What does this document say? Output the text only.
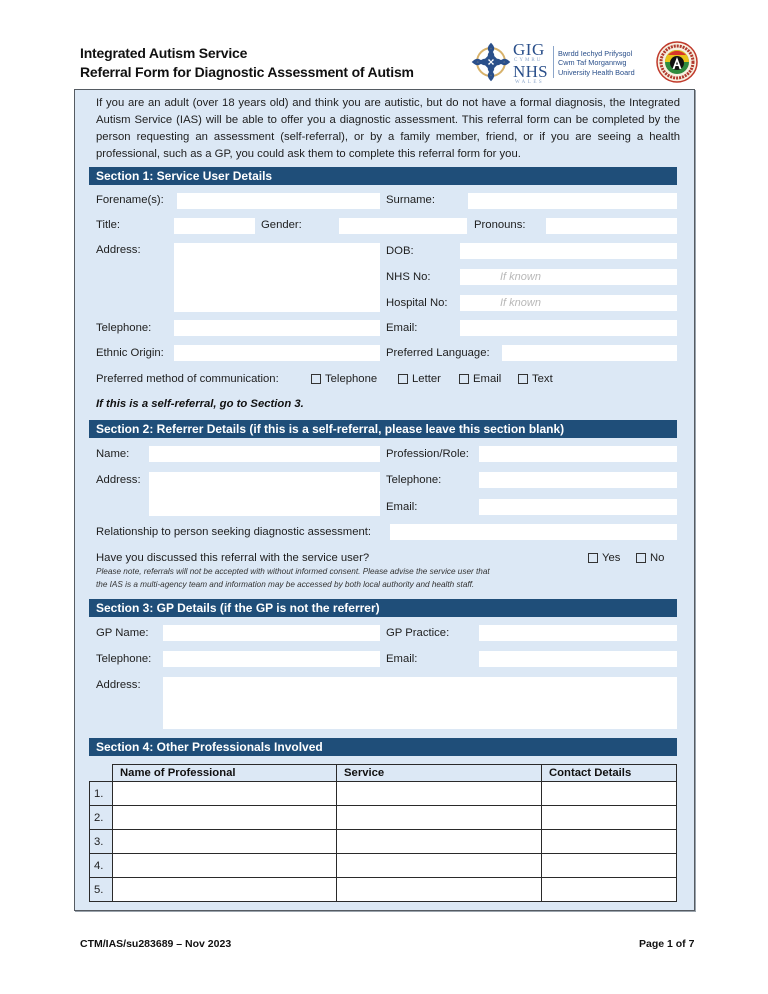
Integrated Autism Service
Referral Form for Diagnostic Assessment of Autism
GIG
CYMRU
NHS
WALES
Bwrdd Iechyd Prifysgol
Cwm Taf Morgannwg
University Health Board

If you are an adult (over 18 years old) and think you are autistic, but do not have a formal diagnosis, the Integrated Autism Service (IAS) will be able to offer you a diagnostic assessment. This referral form can be completed by the person requesting an assessment (self-referral), or by a family member, friend, or if you are seeing a health professional, such as a GP, you could ask them to complete this referral form for you.

Section 1: Service User Details
Forename(s):	Surname:
Title:	Gender:	Pronouns:
Address:	DOB:
NHS No:	If known
Hospital No:	If known
Telephone:	Email:
Ethnic Origin:	Preferred Language:
Preferred method of communication:	Telephone	Letter	Email	Text
If this is a self-referral, go to Section 3.
Section 2: Referrer Details (if this is a self-referral, please leave this section blank)
Name:	Profession/Role:
Address:	Telephone:
Email:
Relationship to person seeking diagnostic assessment:
Have you discussed this referral with the service user?	Yes	No
Please note, referrals will not be accepted with without informed consent. Please advise the service user that
the IAS is a multi-agency team and information may be accessed by both local authority and health staff.
Section 3: GP Details (if the GP is not the referrer)
GP Name:	GP Practice:
Telephone:	Email:
Address:
Section 4: Other Professionals Involved
	Name of Professional	Service	Contact Details
1.			
2.			
3.			
4.			
5.			
CTM/IAS/su283689 – Nov 2023	Page 1 of 7
